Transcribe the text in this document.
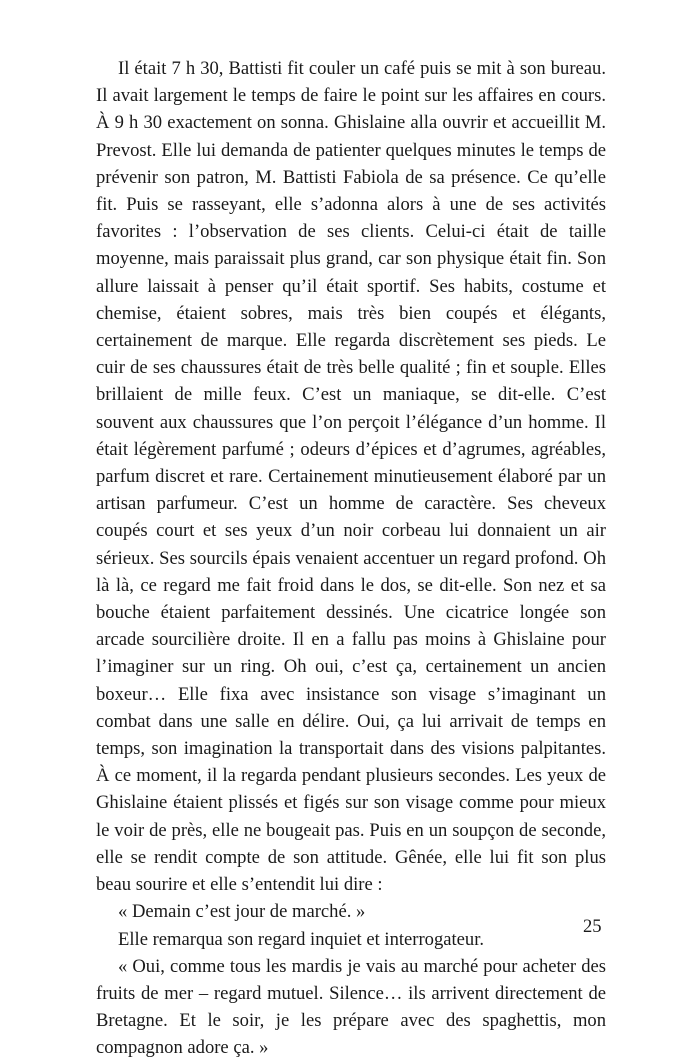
Il était 7 h 30, Battisti fit couler un café puis se mit à son bureau. Il avait largement le temps de faire le point sur les affaires en cours. À 9 h 30 exactement on sonna. Ghislaine alla ouvrir et accueillit M. Prevost. Elle lui demanda de patienter quelques minutes le temps de prévenir son patron, M. Battisti Fabiola de sa présence. Ce qu’elle fit. Puis se rasseyant, elle s’adonna alors à une de ses activités favorites : l’observation de ses clients. Celui-ci était de taille moyenne, mais paraissait plus grand, car son physique était fin. Son allure laissait à penser qu’il était sportif. Ses habits, costume et chemise, étaient sobres, mais très bien coupés et élégants, certainement de marque. Elle regarda discrètement ses pieds. Le cuir de ses chaussures était de très belle qualité ; fin et souple. Elles brillaient de mille feux. C’est un maniaque, se dit-elle. C’est souvent aux chaussures que l’on perçoit l’élégance d’un homme. Il était légèrement parfumé ; odeurs d’épices et d’agrumes, agréables, parfum discret et rare. Certainement minutieusement élaboré par un artisan parfumeur. C’est un homme de caractère. Ses cheveux coupés court et ses yeux d’un noir corbeau lui donnaient un air sérieux. Ses sourcils épais venaient accentuer un regard profond. Oh là là, ce regard me fait froid dans le dos, se dit-elle. Son nez et sa bouche étaient parfaitement dessinés. Une cicatrice longée son arcade sourcilière droite. Il en a fallu pas moins à Ghislaine pour l’imaginer sur un ring. Oh oui, c’est ça, certainement un ancien boxeur… Elle fixa avec insistance son visage s’imaginant un combat dans une salle en délire. Oui, ça lui arrivait de temps en temps, son imagination la transportait dans des visions palpitantes. À ce moment, il la regarda pendant plusieurs secondes. Les yeux de Ghislaine étaient plissés et figés sur son visage comme pour mieux le voir de près, elle ne bougeait pas. Puis en un soupçon de seconde, elle se rendit compte de son attitude. Gênée, elle lui fit son plus beau sourire et elle s’entendit lui dire :

« Demain c’est jour de marché. »

Elle remarqua son regard inquiet et interrogateur.

« Oui, comme tous les mardis je vais au marché pour acheter des fruits de mer – regard mutuel. Silence… ils arrivent directement de Bretagne. Et le soir, je les prépare avec des spaghettis, mon compagnon adore ça. »

25
